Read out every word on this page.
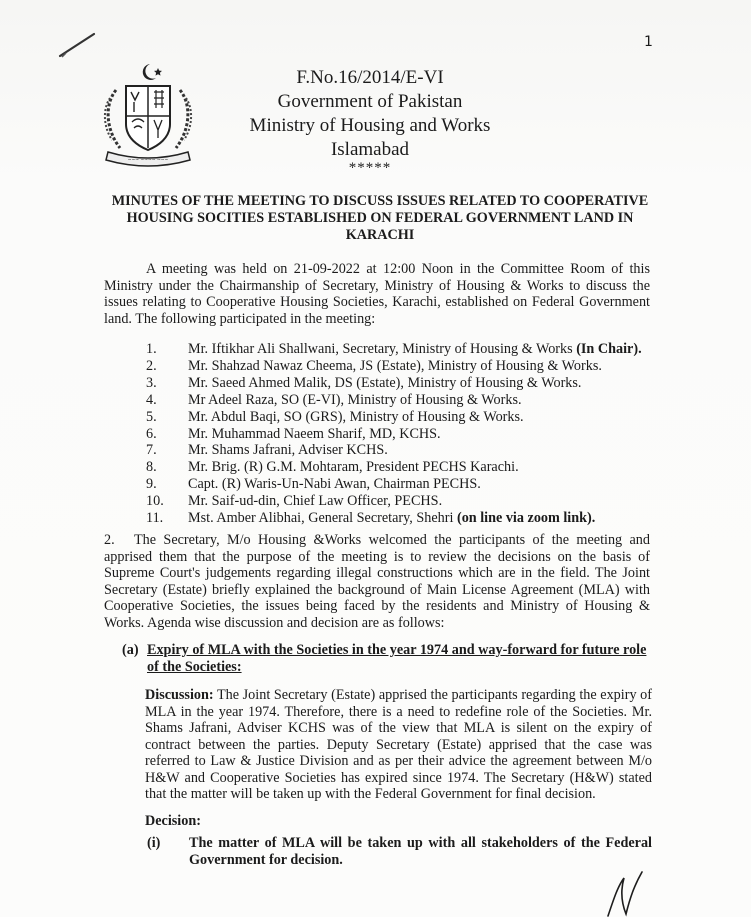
1
~~~ ~~~~ ~~~
F.No.16/2014/E-VI
Government of Pakistan
Ministry of Housing and Works
Islamabad
*****
MINUTES OF THE MEETING TO DISCUSS ISSUES RELATED TO COOPERATIVE HOUSING SOCITIES ESTABLISHED ON FEDERAL GOVERNMENT LAND IN KARACHI
A meeting was held on 21-09-2022 at 12:00 Noon in the Committee Room of this Ministry under the Chairmanship of Secretary, Ministry of Housing & Works to discuss the issues relating to Cooperative Housing Societies, Karachi, established on Federal Government land. The following participated in the meeting:
1.	Mr. Iftikhar Ali Shallwani, Secretary, Ministry of Housing & Works (In Chair).
2.	Mr. Shahzad Nawaz Cheema, JS (Estate), Ministry of Housing & Works.
3.	Mr. Saeed Ahmed Malik, DS (Estate), Ministry of Housing & Works.
4.	Mr Adeel Raza, SO (E-VI), Ministry of Housing & Works.
5.	Mr. Abdul Baqi, SO (GRS), Ministry of Housing & Works.
6.	Mr. Muhammad Naeem Sharif, MD, KCHS.
7.	Mr. Shams Jafrani, Adviser KCHS.
8.	Mr. Brig. (R) G.M. Mohtaram, President PECHS Karachi.
9.	Capt. (R) Waris-Un-Nabi Awan, Chairman PECHS.
10.	Mr. Saif-ud-din, Chief Law Officer, PECHS.
11.	Mst. Amber Alibhai, General Secretary, Shehri (on line via zoom link).
2. The Secretary, M/o Housing &Works welcomed the participants of the meeting and apprised them that the purpose of the meeting is to review the decisions on the basis of Supreme Court's judgements regarding illegal constructions which are in the field. The Joint Secretary (Estate) briefly explained the background of Main License Agreement (MLA) with Cooperative Societies, the issues being faced by the residents and Ministry of Housing & Works. Agenda wise discussion and decision are as follows:
(a) Expiry of MLA with the Societies in the year 1974 and way-forward for future role of the Societies:
Discussion: The Joint Secretary (Estate) apprised the participants regarding the expiry of MLA in the year 1974. Therefore, there is a need to redefine role of the Societies. Mr. Shams Jafrani, Adviser KCHS was of the view that MLA is silent on the expiry of contract between the parties. Deputy Secretary (Estate) apprised that the case was referred to Law & Justice Division and as per their advice the agreement between M/o H&W and Cooperative Societies has expired since 1974. The Secretary (H&W) stated that the matter will be taken up with the Federal Government for final decision.
Decision:
(i) The matter of MLA will be taken up with all stakeholders of the Federal Government for decision.
